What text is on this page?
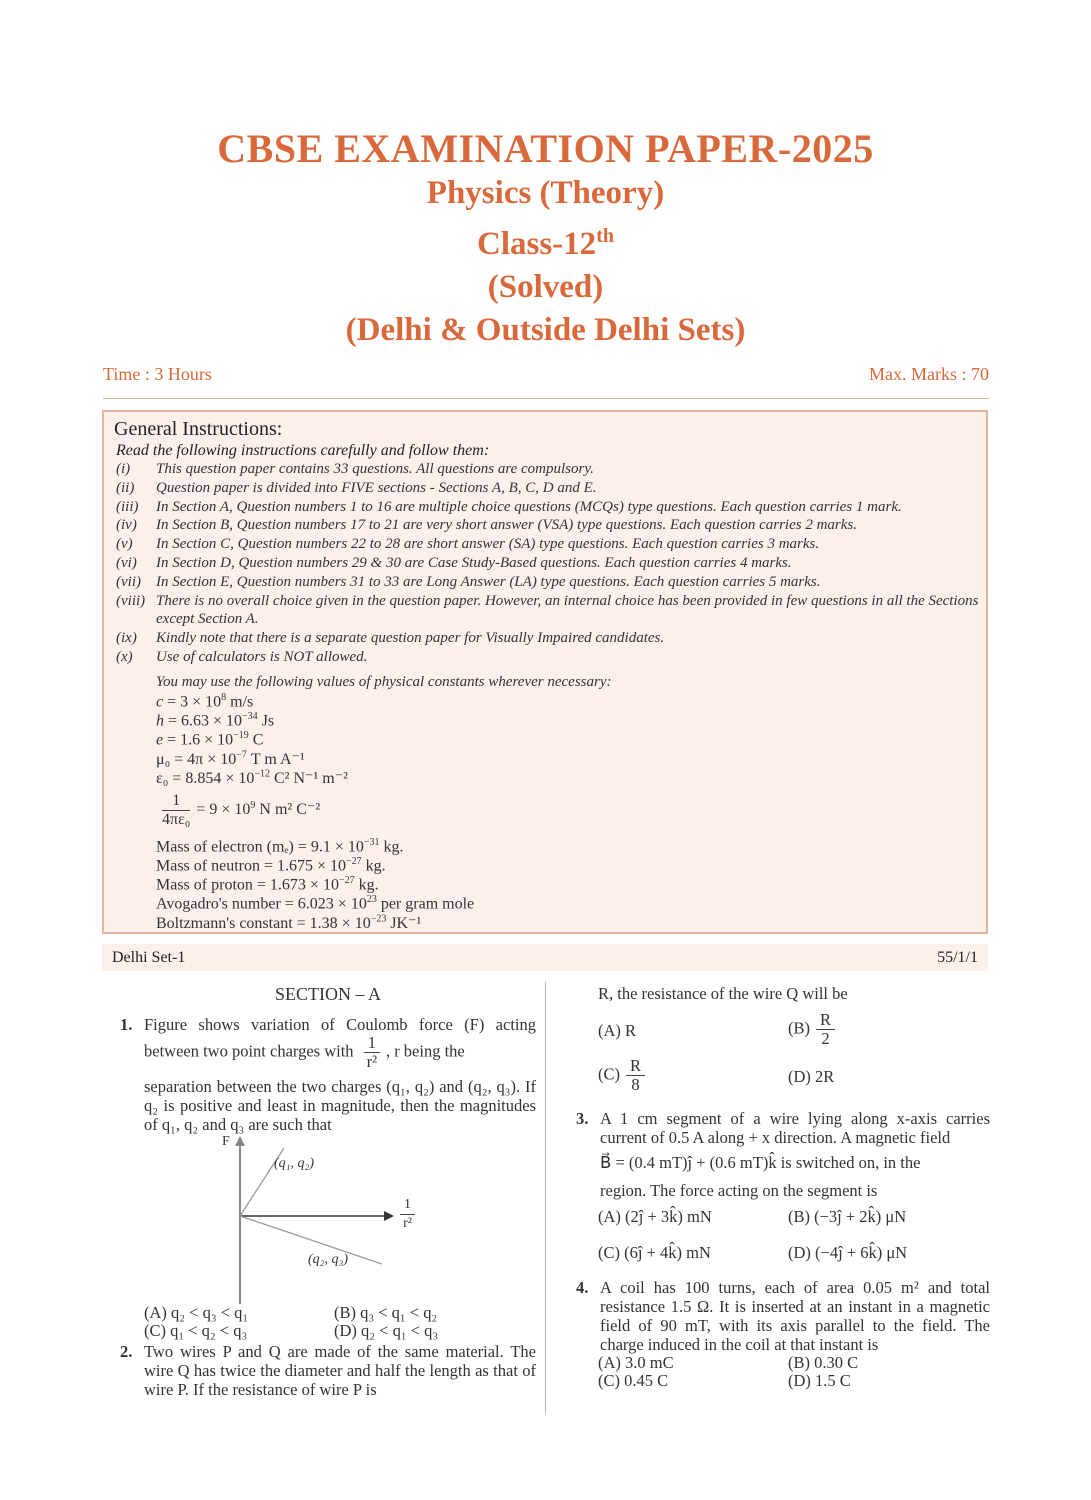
CBSE EXAMINATION PAPER-2025
Physics (Theory)
Class-12th
(Solved)
(Delhi & Outside Delhi Sets)
Time : 3 Hours	Max. Marks : 70
General Instructions:
Read the following instructions carefully and follow them:
(i)	This question paper contains 33 questions. All questions are compulsory.
(ii)	Question paper is divided into FIVE sections - Sections A, B, C, D and E.
(iii)	In Section A, Question numbers 1 to 16 are multiple choice questions (MCQs) type questions. Each question carries 1 mark.
(iv)	In Section B, Question numbers 17 to 21 are very short answer (VSA) type questions. Each question carries 2 marks.
(v)	In Section C, Question numbers 22 to 28 are short answer (SA) type questions. Each question carries 3 marks.
(vi)	In Section D, Question numbers 29 & 30 are Case Study-Based questions. Each question carries 4 marks.
(vii)	In Section E, Question numbers 31 to 33 are Long Answer (LA) type questions. Each question carries 5 marks.
(viii) There is no overall choice given in the question paper. However, an internal choice has been provided in few questions in all the Sections except Section A.
(ix)	Kindly note that there is a separate question paper for Visually Impaired candidates.
(x)	Use of calculators is NOT allowed.
You may use the following values of physical constants wherever necessary:
$c = 3 \times 10^8$ m/s
$h = 6.63 \times 10^{-34}$ Js
$e = 1.6 \times 10^{-19}$ C
$\mu_0 = 4\pi \times 10^{-7}$ T m A⁻¹
$\varepsilon_0 = 8.854 \times 10^{-12}$ C² N⁻¹ m⁻²
$\frac{1}{\text{4πε₀}} = 9 \times 10^9$ N m² C⁻²
Mass of electron $(m_e) = 9.1 \times 10^{-31}$ kg.
Mass of neutron = $1.675 \times 10^{-27}$ kg.
Mass of proton = $1.673 \times 10^{-27}$ kg.
Avogadro's number = $6.023 \times 10^{23}$ per gram mole
Boltzmann's constant = $1.38 \times 10^{-23}$ JK⁻¹
Delhi Set-1	55/1/1
SECTION – A
1. Figure shows variation of Coulomb force (F) acting between two point charges with $\frac{1}{\text{r²}}$ , r being the
separation between the two charges (q₁, q₂) and (q₂, q₃). If q₂ is positive and least in magnitude, then the magnitudes of q₁, q₂ and q₃ are such that
F
(q₁, q₂)
(q₂, q₃)
$\frac{1}{\text{r²}}$
(A) q₂ < q₃ < q₁	(B) q₃ < q₁ < q₂
(C) q₁ < q₂ < q₃	(D) q₂ < q₁ < q₃
2. Two wires P and Q are made of the same material. The wire Q has twice the diameter and half the length as that of wire P. If the resistance of wire P is
R, the resistance of the wire Q will be
(A) R	$(B) \frac{R}{2}$
$(C) \frac{R}{8}$	(D) 2R
3. A 1 cm segment of a wire lying along x-axis carries current of 0.5 A along + x direction. A magnetic field
B⃗ = (0.4 mT)ĵ + (0.6 mT)k̂ is switched on, in the
region. The force acting on the segment is
(A) (2ĵ + 3k̂) mN	(B) (−3ĵ + 2k̂) μN
(C) (6ĵ + 4k̂) mN	(D) (−4ĵ + 6k̂) μN
4. A coil has 100 turns, each of area 0.05 m² and total resistance 1.5 Ω. It is inserted at an instant in a magnetic field of 90 mT, with its axis parallel to the field. The charge induced in the coil at that instant is
(A) 3.0 mC	(B) 0.30 C
(C) 0.45 C	(D) 1.5 C
